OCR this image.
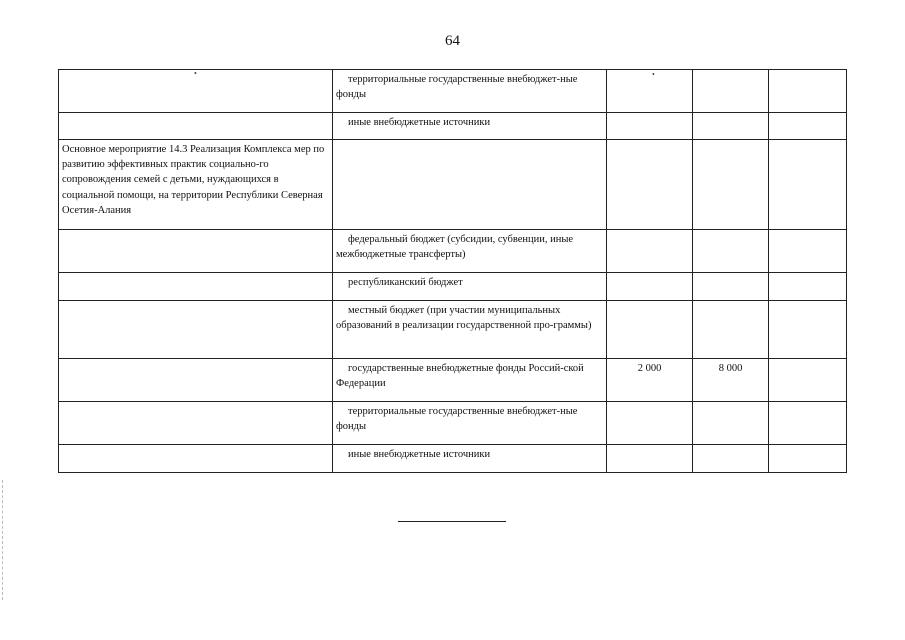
64
	территориальные государственные внебюджет-ные фонды			
	иные внебюджетные источники			
Основное мероприятие 14.3 Реализация Комплекса мер по развитию эффективных практик социально-го сопровождения семей с детьми, нуждающихся в социальной помощи, на территории Республики Северная Осетия-Алания				
	федеральный бюджет (субсидии, субвенции, иные межбюджетные трансферты)			
	республиканский бюджет			
	местный бюджет (при участии муниципальных образований в реализации государственной про-граммы)			
	государственные внебюджетные фонды Россий-ской Федерации	2 000	8 000	
	территориальные государственные внебюджет-ные фонды			
	иные внебюджетные источники			
•	•
